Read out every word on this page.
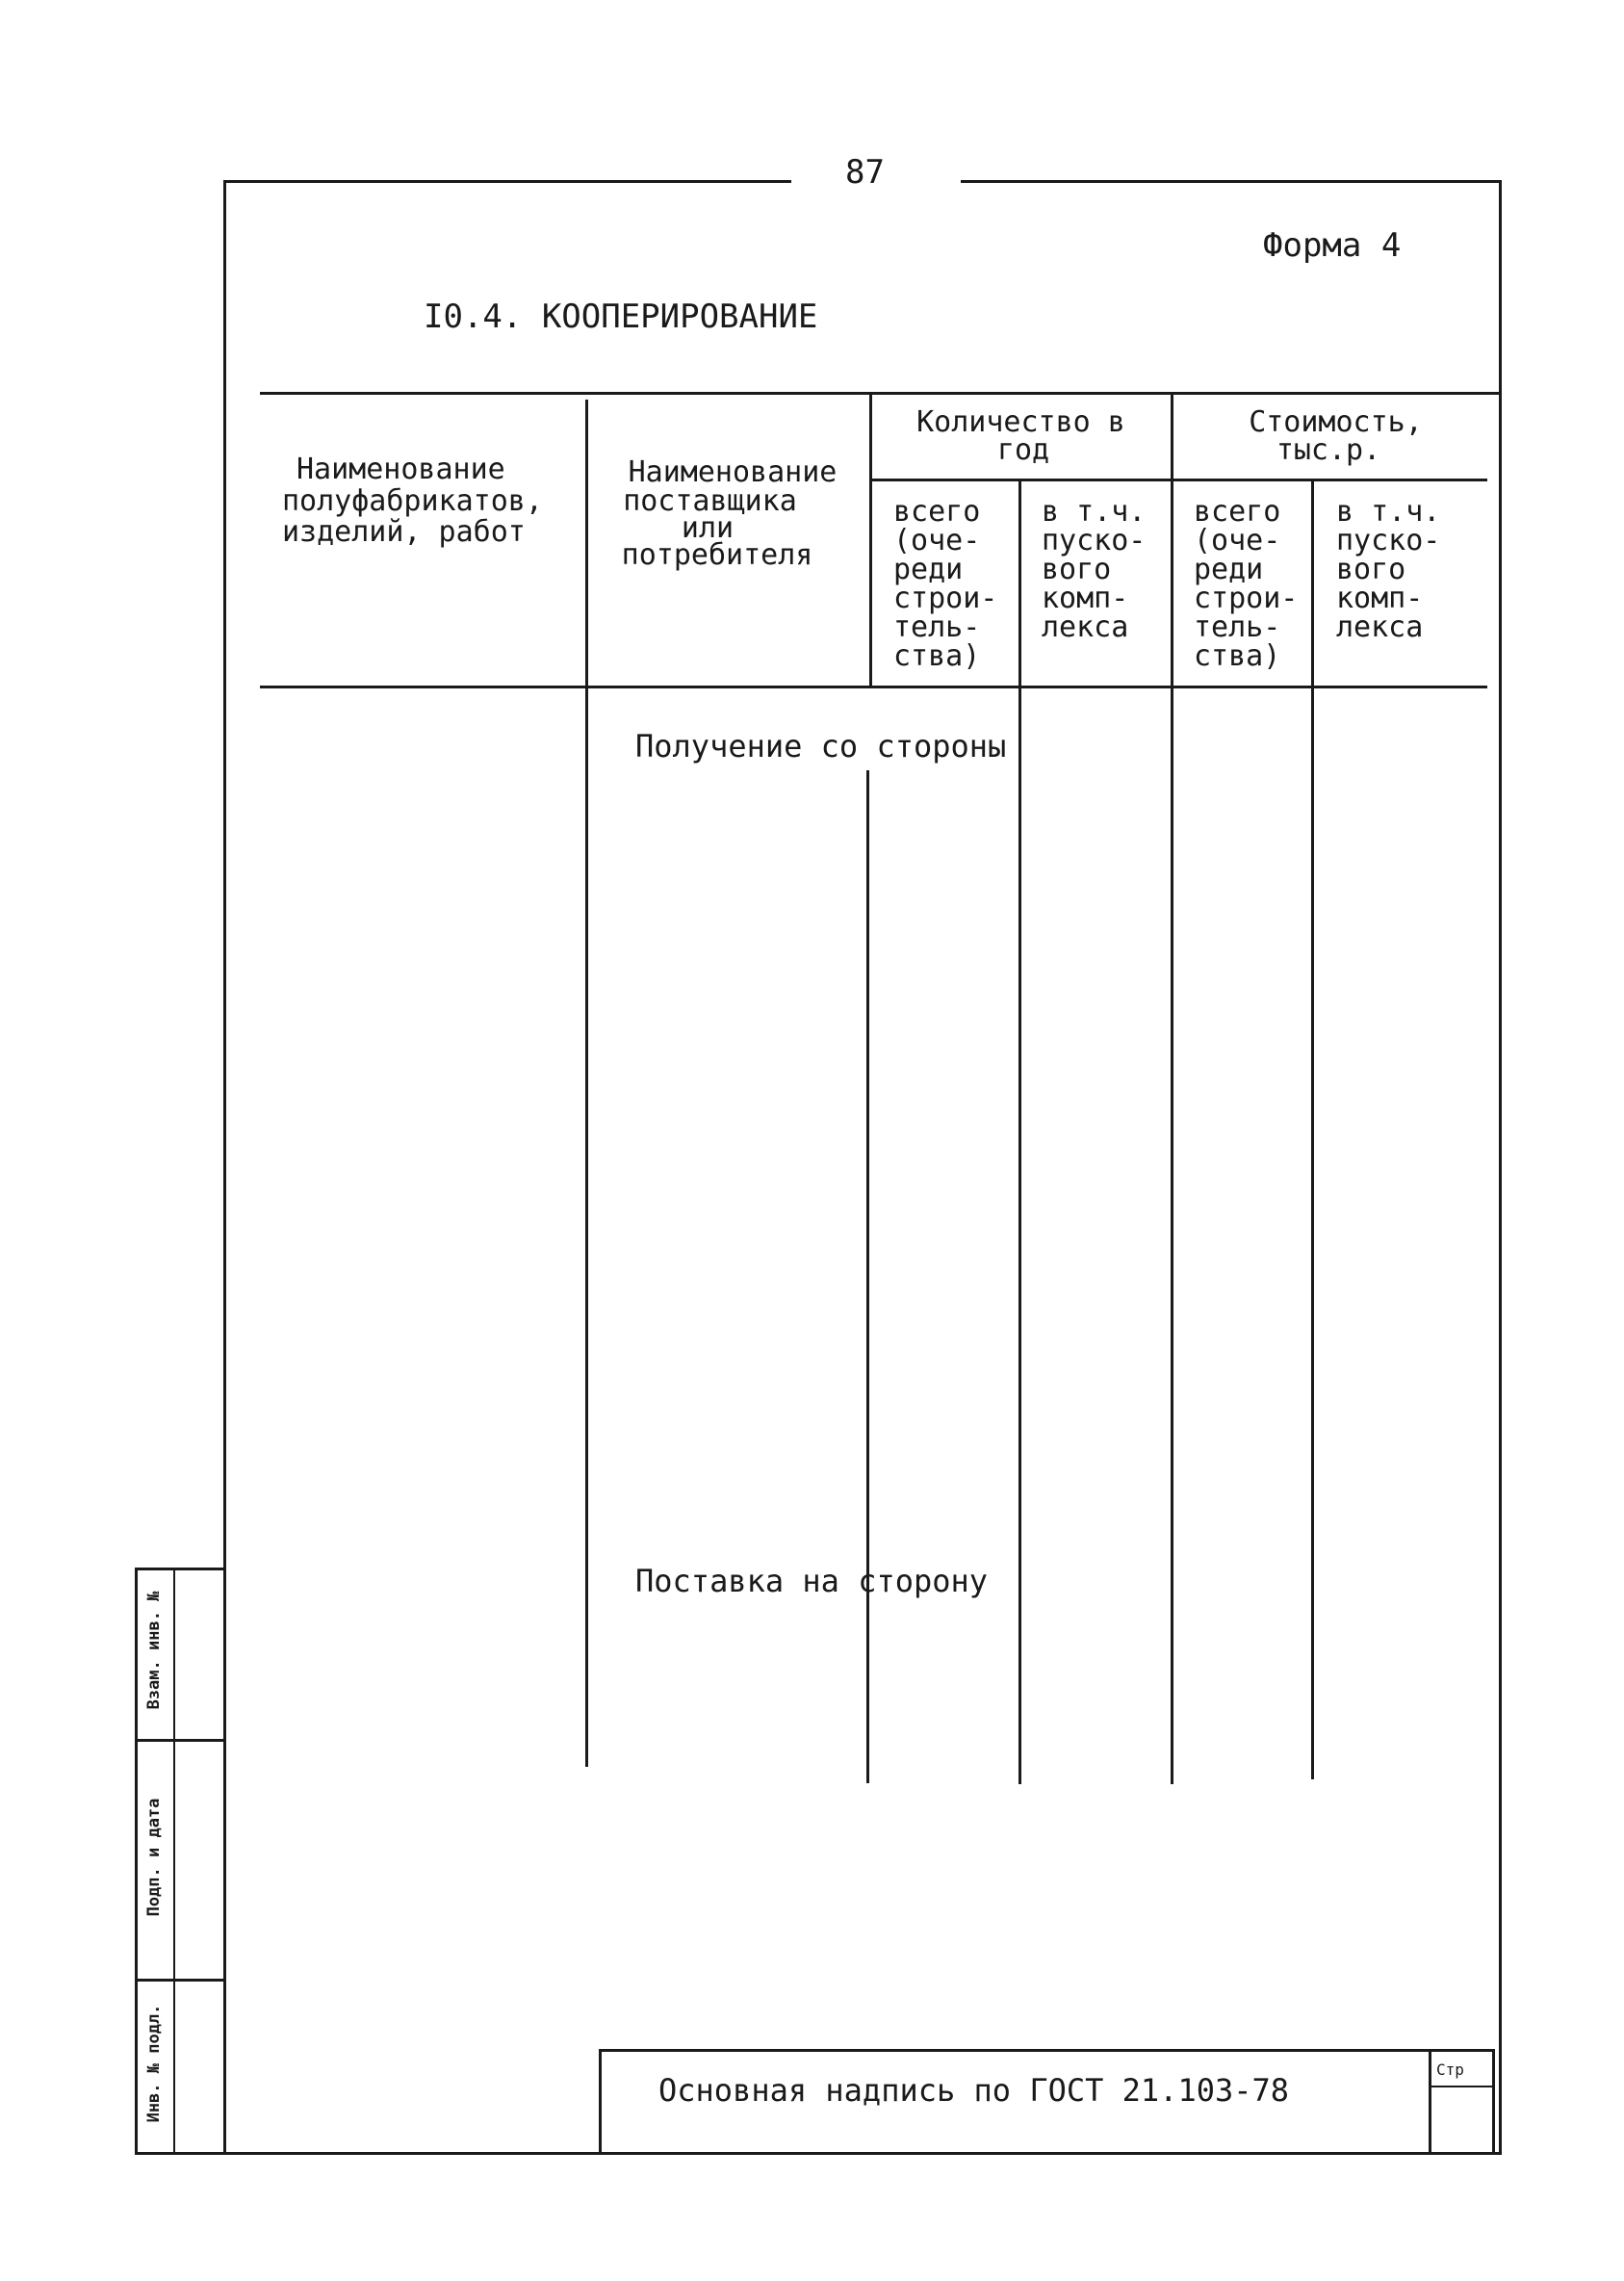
87
Форма 4
I0.4. КООПЕРИРОВАНИЕ
Наименование
полуфабрикатов,
изделий, работ
Наименование
поставщика
или
потребителя
Количество в
год
Стоимость,
тыс.р.
всего
(оче-
реди
строи-
тель-
ства)
в т.ч.
пуско-
вого
комп-
лекса
всего
(оче-
реди
строи-
тель-
ства)
в т.ч.
пуско-
вого
комп-
лекса
Получение со стороны
Поставка на сторону
Взам. инв. №
Подп. и дата
Инв. № подл.	Основная надпись по ГОСТ 21.103-78
Стр
